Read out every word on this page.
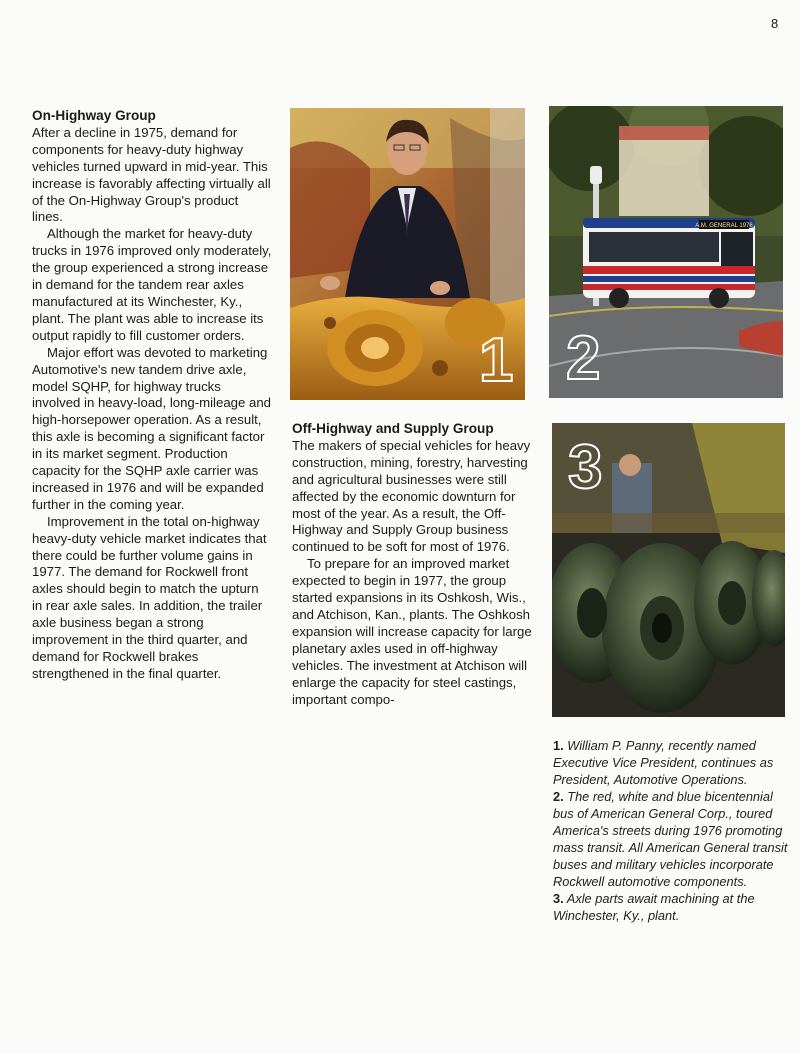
8
On-Highway Group

After a decline in 1975, demand for components for heavy-duty highway vehicles turned upward in mid-year. This increase is favorably affecting virtually all of the On-Highway Group's product lines.

Although the market for heavy-duty trucks in 1976 improved only moderately, the group experienced a strong increase in demand for the tandem rear axles manufactured at its Winchester, Ky., plant. The plant was able to increase its output rapidly to fill customer orders.

Major effort was devoted to marketing Automotive's new tandem drive axle, model SQHP, for highway trucks involved in heavy-load, long-mileage and high-horsepower operation. As a result, this axle is becoming a significant factor in its market segment. Production capacity for the SQHP axle carrier was increased in 1976 and will be expanded further in the coming year.

Improvement in the total on-highway heavy-duty vehicle market indicates that there could be further volume gains in 1977. The demand for Rockwell front axles should begin to match the upturn in rear axle sales. In addition, the trailer axle business began a strong improvement in the third quarter, and demand for Rockwell brakes strengthened in the final quarter.

1
A.M. GENERAL 1976
2
Off-Highway and Supply Group

The makers of special vehicles for heavy construction, mining, forestry, harvesting and agricultural businesses were still affected by the economic downturn for most of the year. As a result, the Off-Highway and Supply Group business continued to be soft for most of 1976.

To prepare for an improved market expected to begin in 1977, the group started expansions in its Oshkosh, Wis., and Atchison, Kan., plants. The Oshkosh expansion will increase capacity for large planetary axles used in off-highway vehicles. The investment at Atchison will enlarge the capacity for steel castings, important compo-

3

1. William P. Panny, recently named Executive Vice President, continues as President, Automotive Operations.

2. The red, white and blue bicentennial bus of American General Corp., toured America's streets during 1976 promoting mass transit. All American General transit buses and military vehicles incorporate Rockwell automotive components.

3. Axle parts await machining at the Winchester, Ky., plant.
